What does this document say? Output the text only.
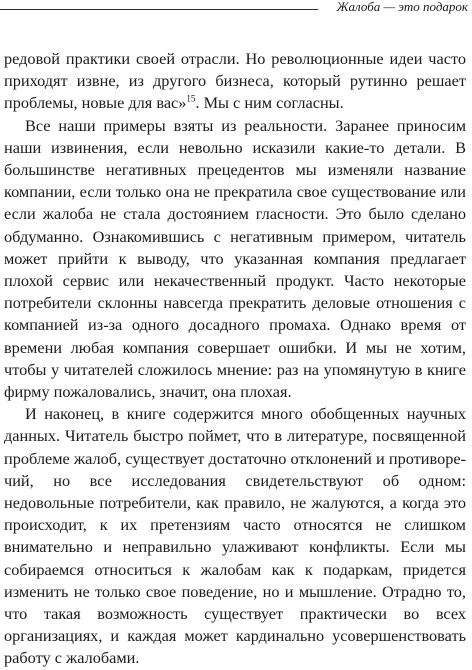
Жалоба — это подарок

редовой практики своей отрасли. Но революционные идеи часто приходят извне, из другого бизнеса, который рутинно решает проблемы, новые для вас»$^{15}$. Мы с ним согласны.

Все наши примеры взяты из реальности. Заранее приносим наши извинения, если невольно исказили какие-то детали. В большинстве негативных прецедентов мы изменяли название компании, если только она не прекратила свое существование или если жалоба не стала достоянием гласности. Это было сделано обдуманно. Ознакомившись с негативным примером, читатель может прийти к выводу, что указанная компания предлагает плохой сервис или некачественный продукт. Часто некоторые потребители склонны навсегда прекратить деловые отношения с компанией из-за одного досадного промаха. Однако время от времени любая компания совершает ошибки. И мы не хотим, чтобы у читателей сложилось мнение: раз на упомянутую в книге фирму пожаловались, значит, она плохая.

И наконец, в книге содержится много обобщенных научных данных. Читатель быстро поймет, что в литературе, посвященной проблеме жалоб, существует достаточно отклонений и противоречий, но все исследования свидетельствуют об одном: недовольные потребители, как правило, не жалуются, а когда это происходит, к их претензиям часто относятся не слишком внимательно и неправильно улаживают конфликты. Если мы собираемся относиться к жалобам как к подаркам, придется изменить не только свое поведение, но и мышление. Отрадно то, что такая возможность существует практически во всех организациях, и каждая может кардинально усовершенствовать работу с жалобами.
